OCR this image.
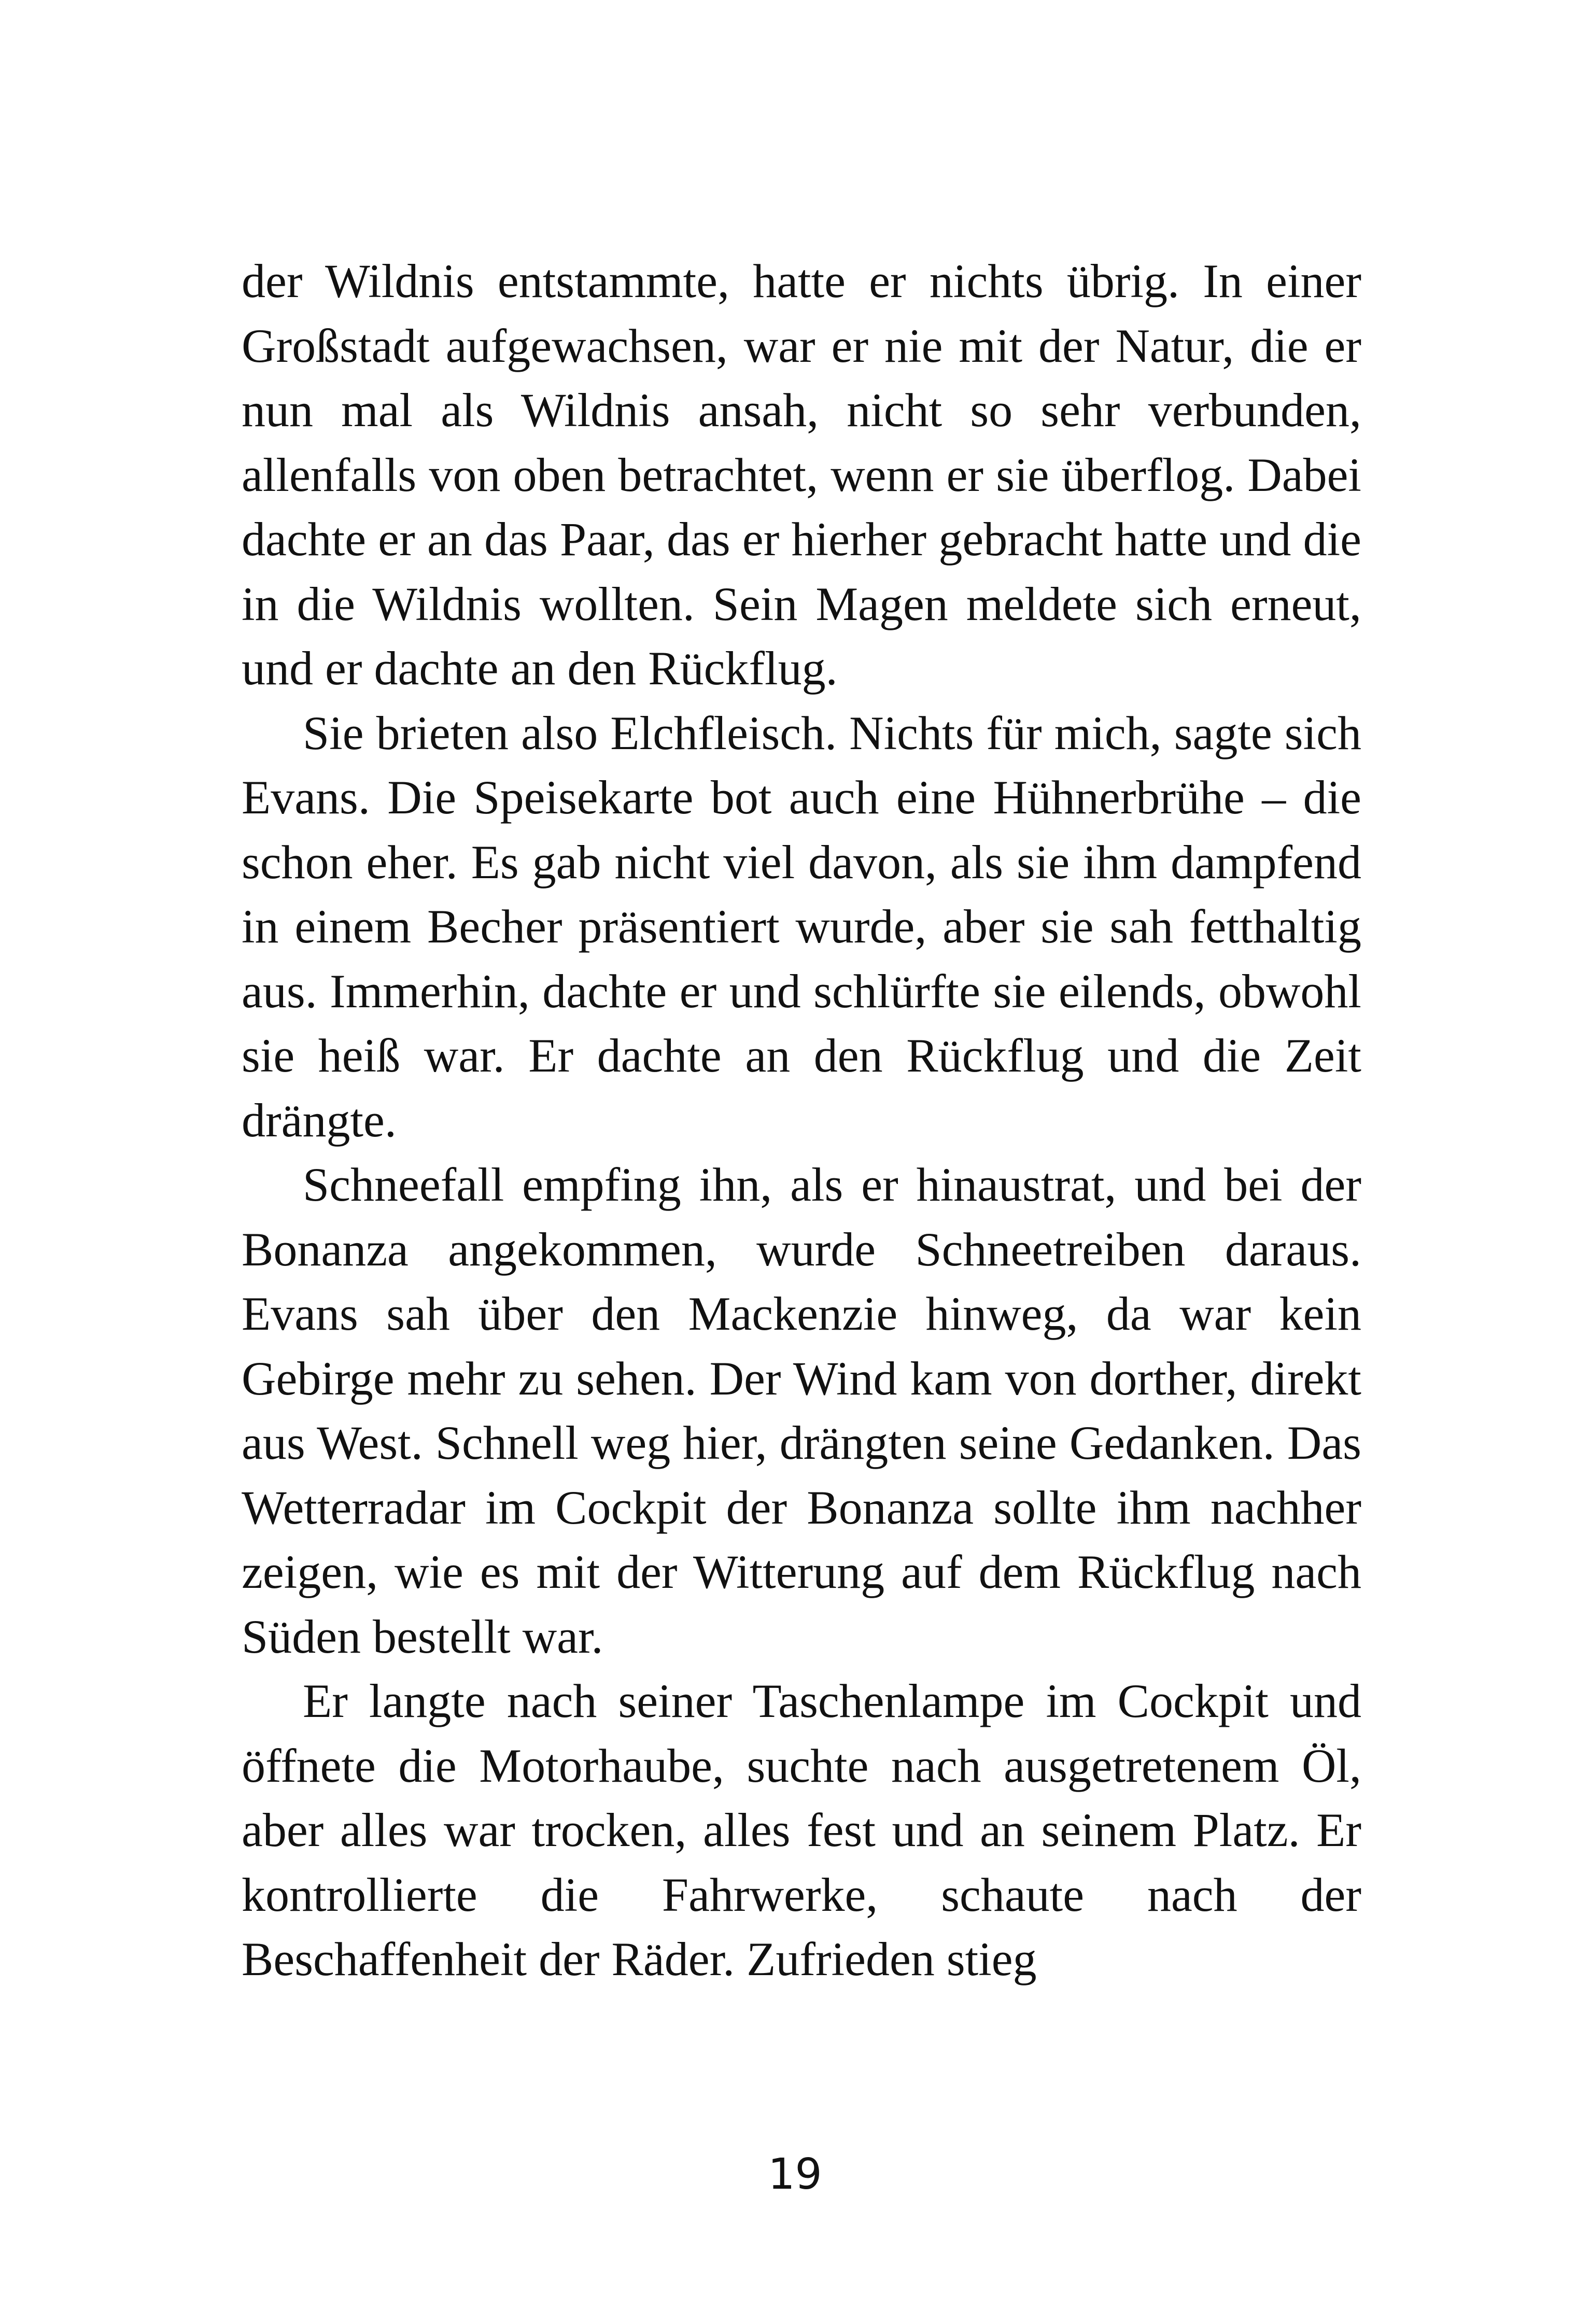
der Wildnis entstammte, hatte er nichts übrig. In einer Großstadt aufgewachsen, war er nie mit der Natur, die er nun mal als Wildnis ansah, nicht so sehr verbunden, allenfalls von oben betrachtet, wenn er sie überflog. Dabei dachte er an das Paar, das er hierher gebracht hatte und die in die Wildnis wollten. Sein Magen meldete sich erneut, und er dachte an den Rückflug.

Sie brieten also Elchfleisch. Nichts für mich, sagte sich Evans. Die Speisekarte bot auch eine Hühnerbrühe – die schon eher. Es gab nicht viel davon, als sie ihm dampfend in einem Becher präsentiert wurde, aber sie sah fetthaltig aus. Immerhin, dachte er und schlürfte sie eilends, obwohl sie heiß war. Er dachte an den Rückflug und die Zeit drängte.

Schneefall empfing ihn, als er hinaustrat, und bei der Bonanza angekommen, wurde Schneetreiben daraus. Evans sah über den Mackenzie hinweg, da war kein Gebirge mehr zu sehen. Der Wind kam von dorther, direkt aus West. Schnell weg hier, drängten seine Gedanken. Das Wetterradar im Cockpit der Bonanza sollte ihm nachher zeigen, wie es mit der Witterung auf dem Rückflug nach Süden bestellt war.

Er langte nach seiner Taschenlampe im Cockpit und öffnete die Motorhaube, suchte nach ausgetretenem Öl, aber alles war trocken, alles fest und an seinem Platz. Er kontrollierte die Fahrwerke, schaute nach der Beschaffenheit der Räder. Zufrieden stieg

19
